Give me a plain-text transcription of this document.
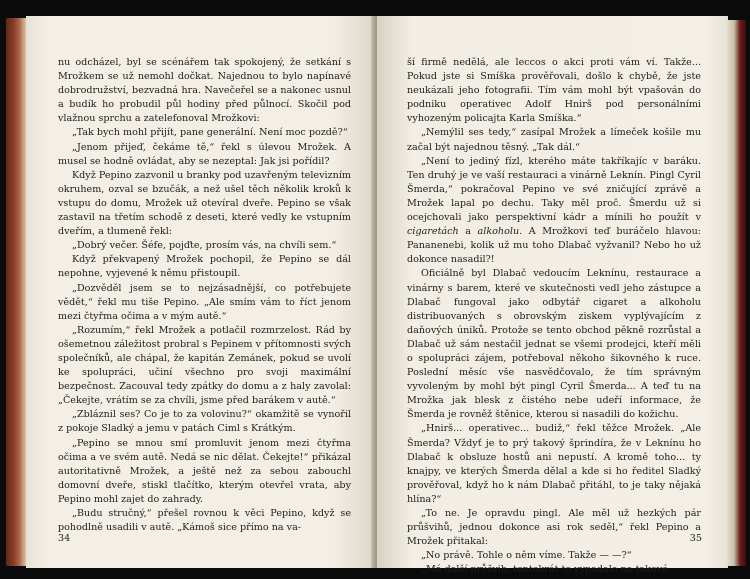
nu odcházel, byl se scénářem tak spokojený, že setkání s Mrožkem se už nemohl dočkat. Najednou to bylo napínavé dobrodružství, bezvadná hra. Navečeřel se a nakonec usnul a budík ho probudil půl hodiny před půlnocí. Skočil pod vlažnou sprchu a zatelefonoval Mrožkovi:

„Tak bych mohl přijít, pane generální. Není moc pozdě?“

„Jenom přijeď, čekáme tě,“ řekl s úlevou Mrožek. A musel se hodně ovládat, aby se nezeptal: Jak jsi pořídil?

Když Pepino zazvonil u branky pod uzavřeným televizním okruhem, ozval se bzučák, a než ušel těch několik kroků k vstupu do domu, Mrožek už otevíral dveře. Pepino se však zastavil na třetím schodě z deseti, které vedly ke vstupním dveřím, a tlumeně řekl:

„Dobrý večer. Šéfe, pojďte, prosím vás, na chvíli sem.“

Když překvapený Mrožek pochopil, že Pepino se dál nepohne, vyjevené k němu přistoupil.

„Dozvěděl jsem se to nejzásadnější, co potřebujete vědět,“ řekl mu tiše Pepino. „Ale smím vám to říct jenom mezi čtyřma očima a v mým autě.“

„Rozumím,“ řekl Mrožek a potlačil rozmrzelost. Rád by ošemetnou záležitost probral s Pepinem v přítomnosti svých společníků, ale chápal, že kapitán Zemánek, pokud se uvolí ke spolupráci, učiní všechno pro svoji maximální bezpečnost. Zacouval tedy zpátky do domu a z haly zavolal: „Čekejte, vrátím se za chvíli, jsme před barákem v autě.“

„Zbláznil ses? Co je to za volovinu?“ okamžitě se vynořil z pokoje Sladký a jemu v patách Ciml s Krátkým.

„Pepino se mnou smí promluvit jenom mezi čtyřma očima a ve svém autě. Nedá se nic dělat. Čekejte!“ přikázal autoritativně Mrožek, a ještě než za sebou zabouchl domovní dveře, stiskl tlačítko, kterým otevřel vrata, aby Pepino mohl zajet do zahrady.

„Budu stručný,“ přešel rovnou k věci Pepino, když se pohodlně usadili v autě. „Kámoš sice přímo na va-

34

ší firmě nedělá, ale leccos o akci proti vám ví. Takže... Pokud jste si Smíška prověřovali, došlo k chybě, že jste neukázali jeho fotografii. Tím vám mohl být vpašován do podniku operativec Adolf Hnirš pod personálními vyhozeným policajta Karla Smíška.“

„Nemýlil ses tedy,“ zasípal Mrožek a límeček košile mu začal být najednou těsný. „Tak dál.“

„Není to jediný fízl, kterého máte takříkajíc v baráku. Ten druhý je ve vaší restauraci a vinárně Leknín. Pingl Cyril Šmerda,“ pokračoval Pepino ve své zničující zprávě a Mrožek lapal po dechu. Taky měl proč. Šmerdu už si ocejchovali jako perspektivní kádr a mínili ho použít v cigaretách a alkoholu. A Mrožkovi teď buráčelo hlavou: Pananenebi, kolik už mu toho Dlabač vyžvanil? Nebo ho už dokonce nasadil?!

Oficiálně byl Dlabač vedoucím Leknínu, restaurace a vinárny s barem, které ve skutečnosti vedl jeho zástupce a Dlabač fungoval jako odbytář cigaret a alkoholu distribuovaných s obrovským ziskem vyplývajícím z daňových úniků. Protože se tento obchod pěkně rozrůstal a Dlabač už sám nestačil jednat se všemi prodejci, kteří měli o spolupráci zájem, potřeboval někoho šikovného k ruce. Poslední měsíc vše nasvědčovalo, že tím správným vyvoleným by mohl být pingl Cyril Šmerda... A teď tu na Mrožka jak blesk z čistého nebe udeří informace, že Šmerda je rovněž štěnice, kterou si nasadili do kožichu.

„Hnirš... operativec... budiž,“ řekl těžce Mrožek. „Ale Šmerda? Vždyť je to prý takový šprindíra, že v Leknínu ho Dlabač k obsluze hostů ani nepustí. A kromě toho... ty knajpy, ve kterých Šmerda dělal a kde si ho ředitel Sladký prověřoval, když ho k nám Dlabač přitáhl, to je taky nějaká hlína?“

„To ne. Je opravdu pingl. Ale měl už hezkých pár průšvihů, jednou dokonce asi rok seděl,“ řekl Pepino a Mrožek přitakal:

„No právě. Tohle o něm víme. Takže — —?“

„Má další průšvih, tentokrát to vypadalo na takové

35
